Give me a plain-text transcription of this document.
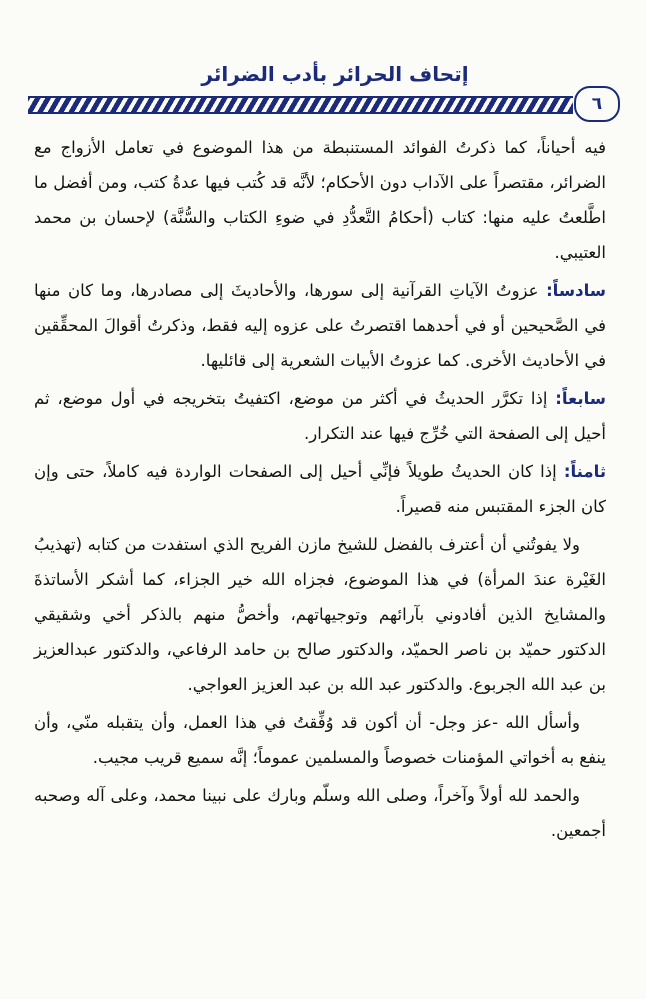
إتحاف الحرائر بأدب الضرائر
٦

فيه أحياناً، كما ذكرتُ الفوائد المستنبطة من هذا الموضوع في تعامل الأزواج مع الضرائر، مقتصراً على الآداب دون الأحكام؛ لأنَّه قد كُتب فيها عدةُ كتب، ومن أفضل ما اطَّلعتُ عليه منها: كتاب (أحكامُ التَّعدُّدِ في ضوءِ الكتاب والسُّنَّة) لإحسان بن محمد العتيبي.

سادساً: عزوتُ الآياتِ القرآنية إلى سورها، والأحاديثَ إلى مصادرها، وما كان منها في الصَّحيحين أو في أحدهما اقتصرتُ على عزوه إليه فقط، وذكرتُ أقوالَ المحقِّقين في الأحاديث الأخرى. كما عزوتُ الأبيات الشعرية إلى قائليها.

سابعاً: إذا تكرَّر الحديثُ في أكثر من موضع، اكتفيتُ بتخريجه في أول موضع، ثم أحيل إلى الصفحة التي خُرِّج فيها عند التكرار.

ثامناً: إذا كان الحديثُ طويلاً فإنِّي أحيل إلى الصفحات الواردة فيه كاملاً، حتى وإن كان الجزء المقتبس منه قصيراً.

ولا يفوتُني أن أعترف بالفضل للشيخ مازن الفريح الذي استفدت من كتابه (تهذيبُ الغَيْرة عندَ المرأة) في هذا الموضوع، فجزاه الله خير الجزاء، كما أشكر الأساتذةَ والمشايخ الذين أفادوني بآرائهم وتوجيهاتهم، وأخصُّ منهم بالذكر أخي وشقيقي الدكتور حميّد بن ناصر الحميّد، والدكتور صالح بن حامد الرفاعي، والدكتور عبدالعزيز بن عبد الله الجربوع. والدكتور عبد الله بن عبد العزيز العواجي.

وأسأل الله -عز وجل- أن أكون قد وُفِّقتُ في هذا العمل، وأن يتقبله منّي، وأن ينفع به أخواتي المؤمنات خصوصاً والمسلمين عموماً؛ إنَّه سميع قريب مجيب.

والحمد لله أولاً وآخراً، وصلى الله وسلّم وبارك على نبينا محمد، وعلى آله وصحبه أجمعين.
